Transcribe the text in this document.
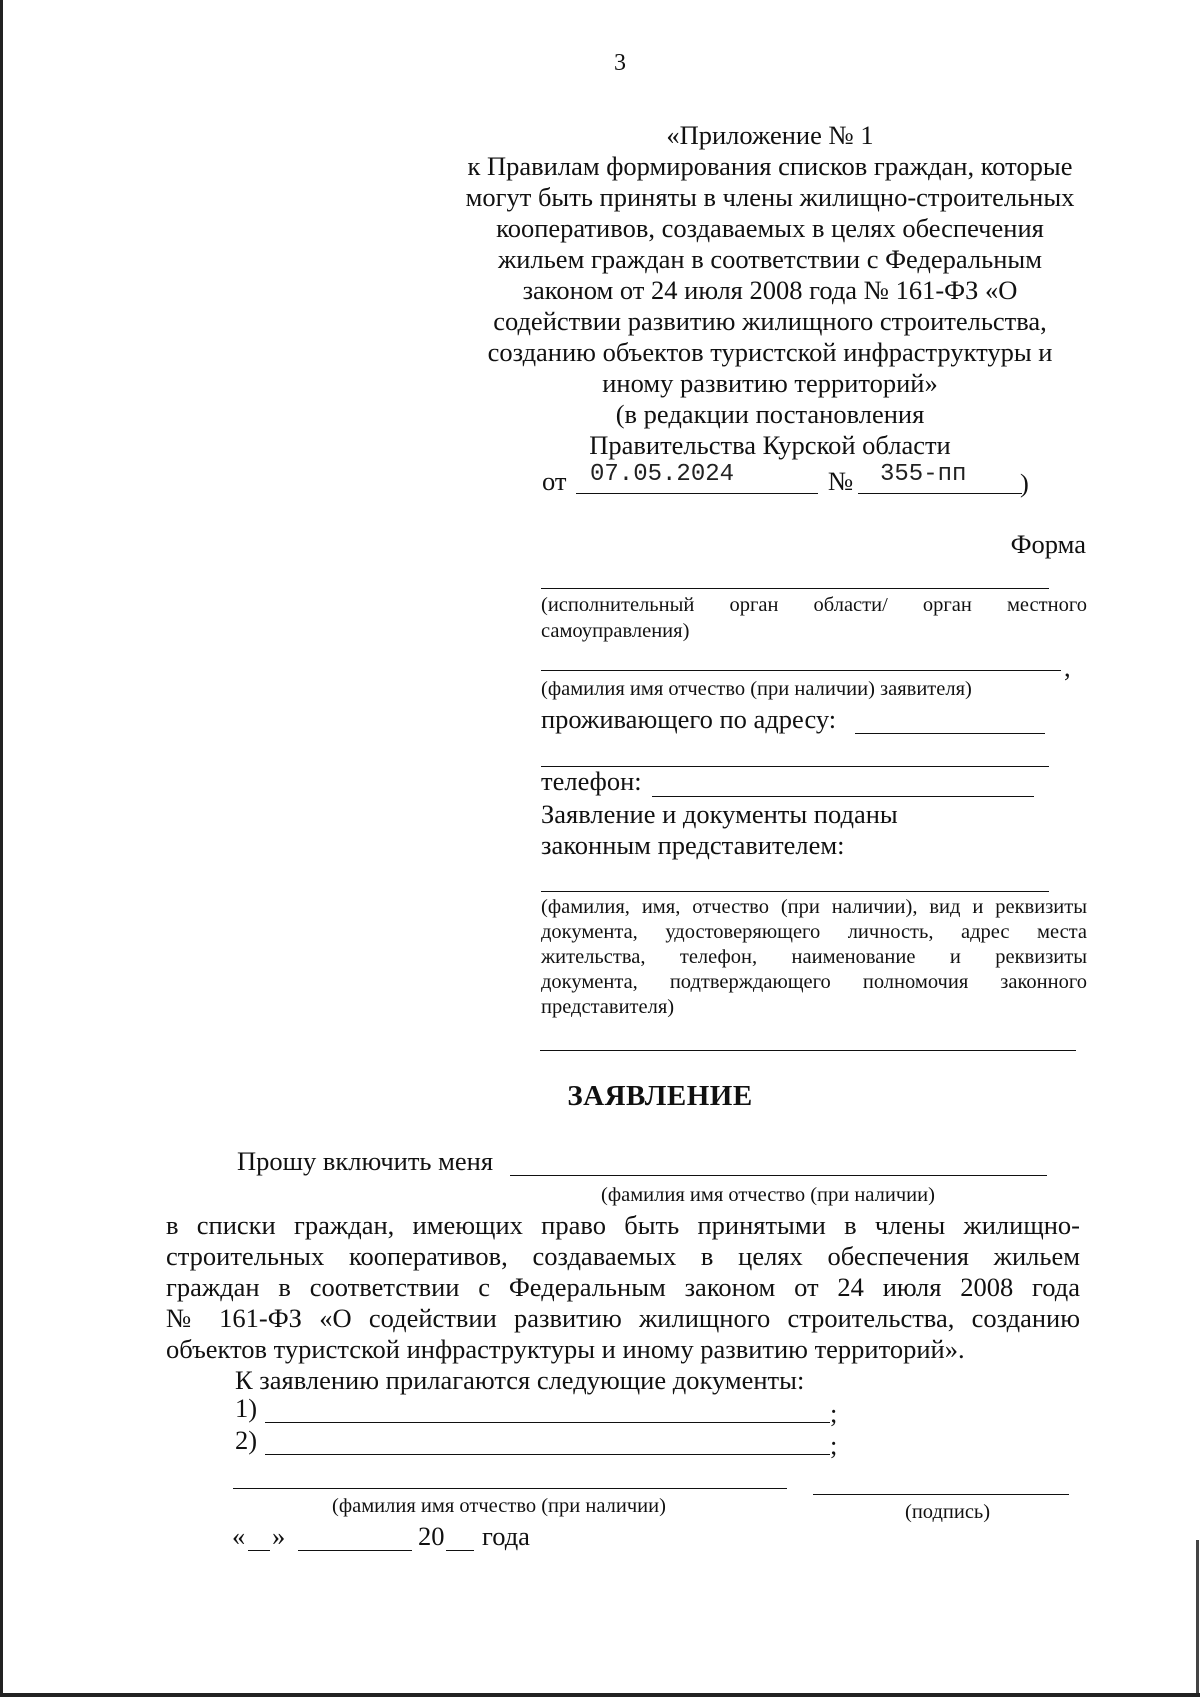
3
«Приложение № 1
к Правилам формирования списков граждан, которые
могут быть приняты в члены жилищно-строительных
кооперативов, создаваемых в целях обеспечения
жильем граждан в соответствии с Федеральным
законом от 24 июля 2008 года № 161-ФЗ «О
содействии развитию жилищного строительства,
созданию объектов туристской инфраструктуры и
иному развитию территорий»
(в редакции постановления
Правительства Курской области
от 07.05.2024	№ 355-пп )
Форма
(исполнительный орган области/ орган местного
самоуправления)
,
(фамилия имя отчество (при наличии) заявителя)
проживающего по адресу:
телефон:
Заявление и документы поданы
законным представителем:
(фамилия, имя, отчество (при наличии), вид и реквизиты
документа, удостоверяющего личность, адрес места
жительства, телефон, наименование и реквизиты
документа, подтверждающего полномочия законного
представителя)
ЗАЯВЛЕНИЕ
Прошу включить меня
(фамилия имя отчество (при наличии)
в списки граждан, имеющих право быть принятыми в члены жилищно-
строительных кооперативов, создаваемых в целях обеспечения жильем
граждан в соответствии с Федеральным законом от 24 июля 2008 года
№ 161-ФЗ «О содействии развитию жилищного строительства, созданию
объектов туристской инфраструктуры и иному развитию территорий».
К заявлению прилагаются следующие документы:
1)	;
2)	;
(фамилия имя отчество (при наличии)	(подпись)
« »	20 года
